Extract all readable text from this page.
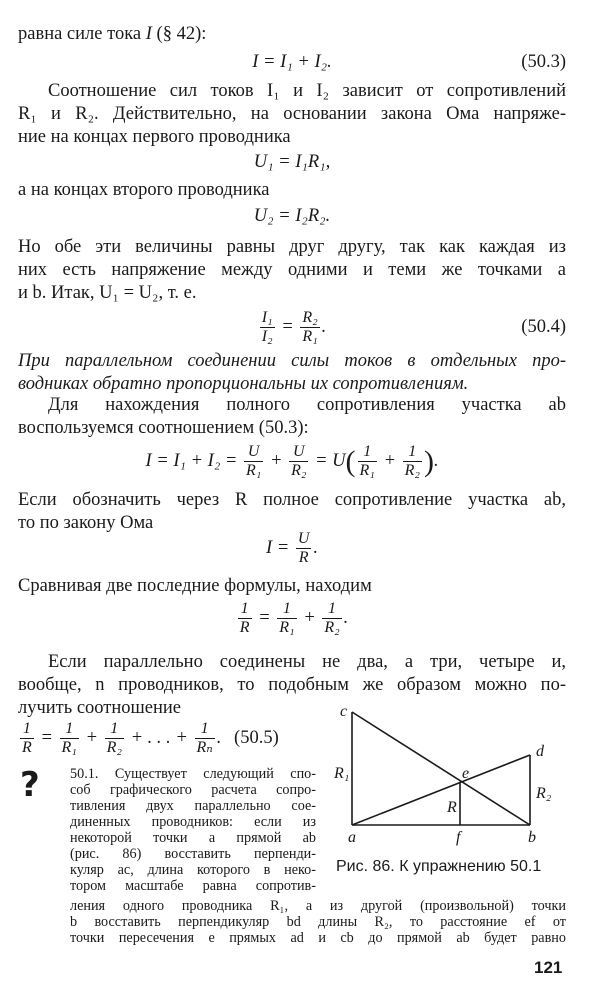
равна силе тока I (§ 42):
I = I₁ + I₂.	(50.3)
Соотношение сил токов I₁ и I₂ зависит от сопротивлений
R₁ и R₂. Действительно, на основании закона Ома напряже-
ние на концах первого проводника
U₁ = I₁R₁,
а на концах второго проводника
U₂ = I₂R₂.
Но обе эти величины равны друг другу, так как каждая из
них есть напряжение между одними и теми же точками a
и b. Итак, U₁ = U₂, т. е.
$\frac{\text{I₁}}{\text{I₂}} = \frac{\text{R₂}}{\text{R₁}}$ .	(50.4)
При параллельном соединении силы токов в отдельных про-
водниках обратно пропорциональны их сопротивлениям.
Для нахождения полного сопротивления участка ab
воспользуемся соотношением (50.3):
$I = I_1 + I_2 = \frac{U}{\text{R₁}} + \frac{U}{\text{R₂}} = U( \frac{1}{\text{R₁}} + \frac{1}{\text{R₂}}$ ).
Если обозначить через R полное сопротивление участка ab,
то по закону Ома
$I = \frac{U}{R}$ .
Сравнивая две последние формулы, находим
$\frac{1}{R} = \frac{1}{\text{R₁}} + \frac{1}{\text{R₂}}$ .
Если параллельно соединены не два, а три, четыре и,
вообще, n проводников, то подобным же образом можно по-
лучить соотношение
$\frac{1}{R} = \frac{1}{\text{R₁}} + \frac{1}{\text{R₂}}$ + . . . + $\frac{1}{\text{Rₙ}}$ . (50.5)
? 50.1. Существует следующий спо-
соб графического расчета сопро-
тивления двух параллельно сое-
диненных проводников: если из
некоторой точки a прямой ab
(рис. 86) восставить перпенди-
куляр ac, длина которого в неко-
тором масштабе равна сопротив-
ления одного проводника R₁, а из другой (произвольной) точки
b восставить перпендикуляр bd длины R₂, то расстояние ef от
точки пересечения e прямых ad и cb до прямой ab будет равно
c
d
e
a	f	b
R₁
R₂
R
Рис. 86. К упражнению 50.1
121
